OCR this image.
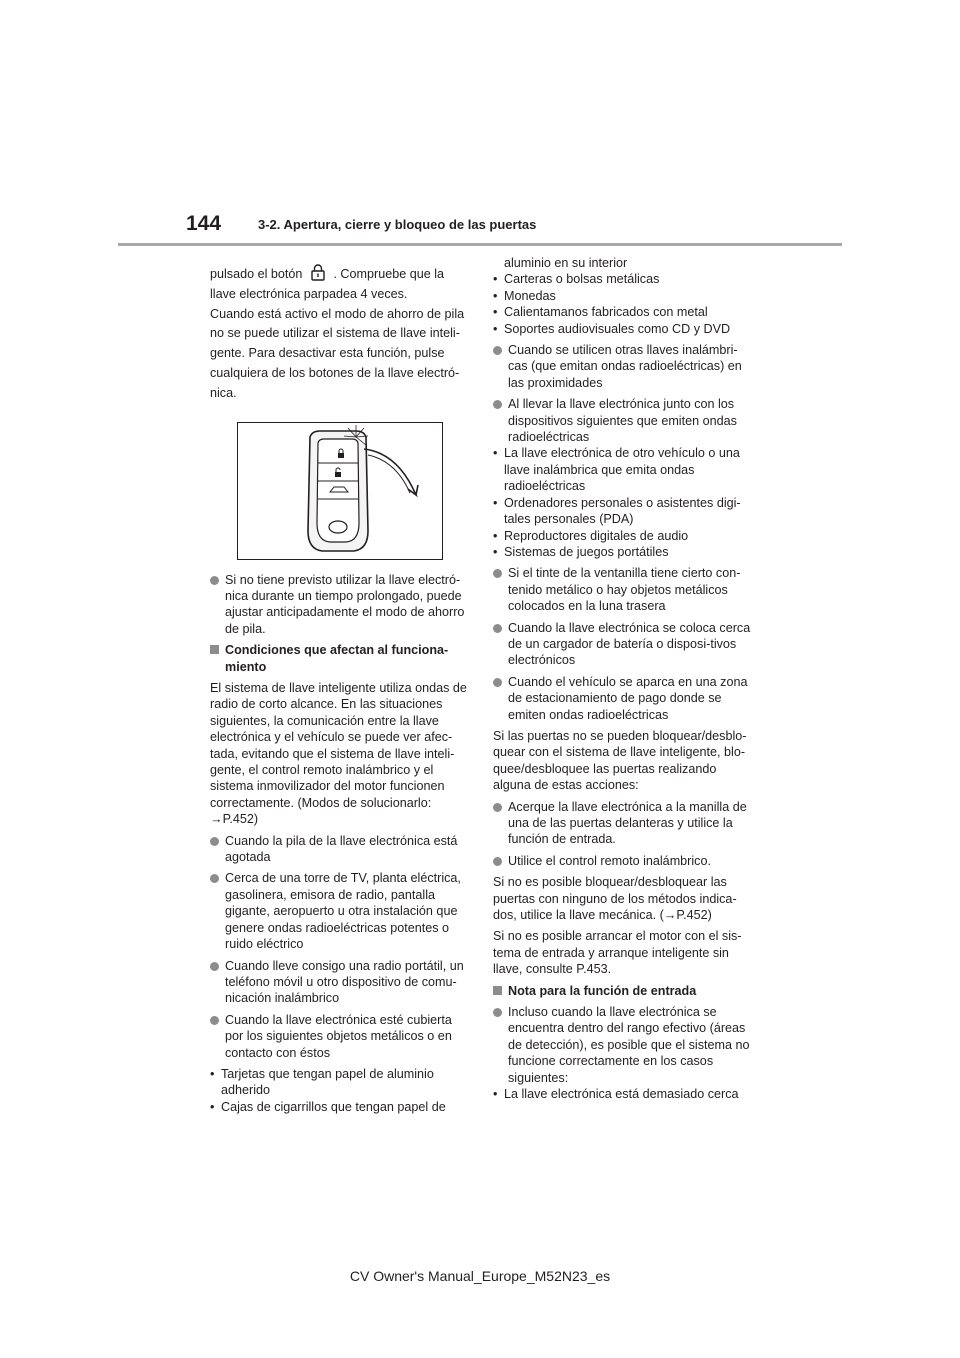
144	3-2. Apertura, cierre y bloqueo de las puertas

pulsado el botón . Compruebe que la

llave electrónica parpadea 4 veces.

Cuando está activo el modo de ahorro de pila

no se puede utilizar el sistema de llave inteli-

gente. Para desactivar esta función, pulse

cualquiera de los botones de la llave electró-

nica.

Si no tiene previsto utilizar la llave electró-nica durante un tiempo prolongado, puede ajustar anticipadamente el modo de ahorro de pila.
Condiciones que afectan al funciona-miento

El sistema de llave inteligente utiliza ondas de radio de corto alcance. En las situaciones siguientes, la comunicación entre la llave electrónica y el vehículo se puede ver afec-tada, evitando que el sistema de llave inteli-gente, el control remoto inalámbrico y el sistema inmovilizador del motor funcionen correctamente. (Modos de solucionarlo:
→P.452)

Cuando la pila de la llave electrónica está agotada
Cerca de una torre de TV, planta eléctrica, gasolinera, emisora de radio, pantalla gigante, aeropuerto u otra instalación que genere ondas radioeléctricas potentes o ruido eléctrico
Cuando lleve consigo una radio portátil, un teléfono móvil u otro dispositivo de comu-nicación inalámbrico
Cuando la llave electrónica esté cubierta por los siguientes objetos metálicos o en contacto con éstos
• Tarjetas que tengan papel de aluminio
adherido
• Cajas de cigarrillos que tengan papel de
aluminio en su interior
• Carteras o bolsas metálicas
• Monedas
• Calientamanos fabricados con metal
• Soportes audiovisuales como CD y DVD
Cuando se utilicen otras llaves inalámbri-cas (que emitan ondas radioeléctricas) en las proximidades
Al llevar la llave electrónica junto con los dispositivos siguientes que emiten ondas radioeléctricas
• La llave electrónica de otro vehículo o una llave inalámbrica que emita ondas radioeléctricas
• Ordenadores personales o asistentes digi-tales personales (PDA)
• Reproductores digitales de audio
• Sistemas de juegos portátiles
Si el tinte de la ventanilla tiene cierto con-tenido metálico o hay objetos metálicos colocados en la luna trasera
Cuando la llave electrónica se coloca cerca de un cargador de batería o disposi-tivos electrónicos
Cuando el vehículo se aparca en una zona de estacionamiento de pago donde se emiten ondas radioeléctricas

Si las puertas no se pueden bloquear/desblo-quear con el sistema de llave inteligente, blo-quee/desbloquee las puertas realizando alguna de estas acciones:

Acerque la llave electrónica a la manilla de una de las puertas delanteras y utilice la función de entrada.
Utilice el control remoto inalámbrico.

Si no es posible bloquear/desbloquear las puertas con ninguno de los métodos indica-dos, utilice la llave mecánica. (→P.452)

Si no es posible arrancar el motor con el sis-tema de entrada y arranque inteligente sin llave, consulte P.453.

Nota para la función de entrada
Incluso cuando la llave electrónica se encuentra dentro del rango efectivo (áreas de detección), es posible que el sistema no funcione correctamente en los casos siguientes:
• La llave electrónica está demasiado cerca
CV Owner's Manual_Europe_M52N23_es
